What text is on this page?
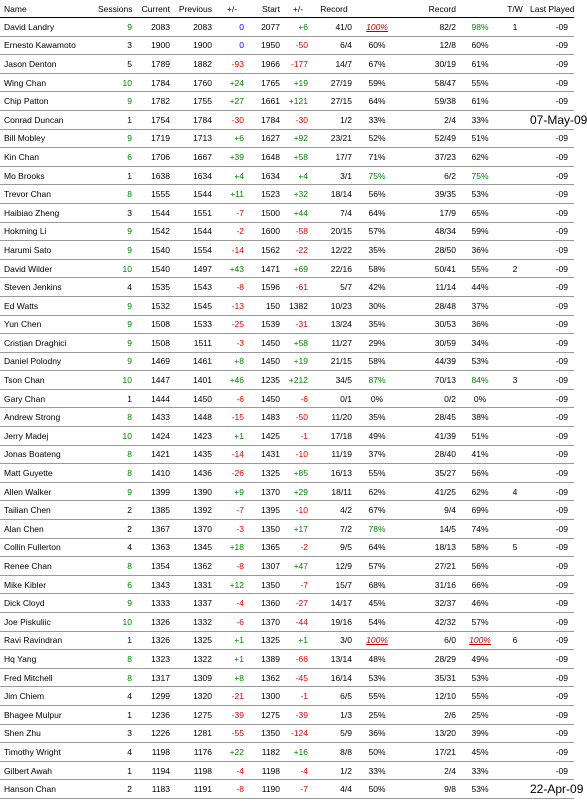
Name	Sessions	Current	Previous	+/-	Start	+/-	Record		Record		T/W	Last Played
David Landry	9	2083	2083	0	2077	+6	41/0	100%	82/2	98%	1	-09
Ernesto Kawamoto	3	1900	1900	0	1950	-50	6/4	60%	12/8	60%		-09
Jason Denton	5	1789	1882	-93	1966	-177	14/7	67%	30/19	61%		-09
Wing Chan	10	1784	1760	+24	1765	+19	27/19	59%	58/47	55%		-09
Chip Patton	9	1782	1755	+27	1661	+121	27/15	64%	59/38	61%		-09
Conrad Duncan	1	1754	1784	-30	1784	-30	1/2	33%	2/4	33%		07-May-09
Bill Mobley	9	1719	1713	+6	1627	+92	23/21	52%	52/49	51%		-09
Kin Chan	6	1706	1667	+39	1648	+58	17/7	71%	37/23	62%		-09
Mo Brooks	1	1638	1634	+4	1634	+4	3/1	75%	6/2	75%		-09
Trevor Chan	8	1555	1544	+11	1523	+32	18/14	56%	39/35	53%		-09
Haibiao Zheng	3	1544	1551	-7	1500	+44	7/4	64%	17/9	65%		-09
Hokming Li	9	1542	1544	-2	1600	-58	20/15	57%	48/34	59%		-09
Harumi Sato	9	1540	1554	-14	1562	-22	12/22	35%	28/50	36%		-09
David Wilder	10	1540	1497	+43	1471	+69	22/16	58%	50/41	55%	2	-09
Steven Jenkins	4	1535	1543	-8	1596	-61	5/7	42%	11/14	44%		-09
Ed Watts	9	1532	1545	-13	150	1382	10/23	30%	28/48	37%		-09
Yun Chen	9	1508	1533	-25	1539	-31	13/24	35%	30/53	36%		-09
Cristian Draghici	9	1508	1511	-3	1450	+58	11/27	29%	30/59	34%		-09
Daniel Polodny	9	1469	1461	+8	1450	+19	21/15	58%	44/39	53%		-09
Tson Chan	10	1447	1401	+46	1235	+212	34/5	87%	70/13	84%	3	-09
Gary Chan	1	1444	1450	-6	1450	-6	0/1	0%	0/2	0%		-09
Andrew Strong	8	1433	1448	-15	1483	-50	11/20	35%	28/45	38%		-09
Jerry Madej	10	1424	1423	+1	1425	-1	17/18	49%	41/39	51%		-09
Jonas Boateng	8	1421	1435	-14	1431	-10	11/19	37%	28/40	41%		-09
Matt Guyette	8	1410	1436	-26	1325	+85	16/13	55%	35/27	56%		-09
Allen Walker	9	1399	1390	+9	1370	+29	18/11	62%	41/25	62%	4	-09
Tailian Chen	2	1385	1392	-7	1395	-10	4/2	67%	9/4	69%		-09
Alan Chen	2	1367	1370	-3	1350	+17	7/2	78%	14/5	74%		-09
Collin Fullerton	4	1363	1345	+18	1365	-2	9/5	64%	18/13	58%	5	-09
Renee Chan	8	1354	1362	-8	1307	+47	12/9	57%	27/21	56%		-09
Mike Kibler	6	1343	1331	+12	1350	-7	15/7	68%	31/16	66%		-09
Dick Cloyd	9	1333	1337	-4	1360	-27	14/17	45%	32/37	46%		-09
Joe Piskuliic	10	1326	1332	-6	1370	-44	19/16	54%	42/32	57%		-09
Ravi Ravindran	1	1326	1325	+1	1325	+1	3/0	100%	6/0	100%	6	-09
Hq Yang	8	1323	1322	+1	1389	-66	13/14	48%	28/29	49%		-09
Fred Mitchell	8	1317	1309	+8	1362	-45	16/14	53%	35/31	53%		-09
Jim Chiem	4	1299	1320	-21	1300	-1	6/5	55%	12/10	55%		-09
Bhagee Mulpur	1	1236	1275	-39	1275	-39	1/3	25%	2/6	25%		-09
Shen Zhu	3	1226	1281	-55	1350	-124	5/9	36%	13/20	39%		-09
Timothy Wright	4	1198	1176	+22	1182	+16	8/8	50%	17/21	45%		-09
Gilbert Awah	1	1194	1198	-4	1198	-4	1/2	33%	2/4	33%		-09
Hanson Chan	2	1183	1191	-8	1190	-7	4/4	50%	9/8	53%		22-Apr-09
